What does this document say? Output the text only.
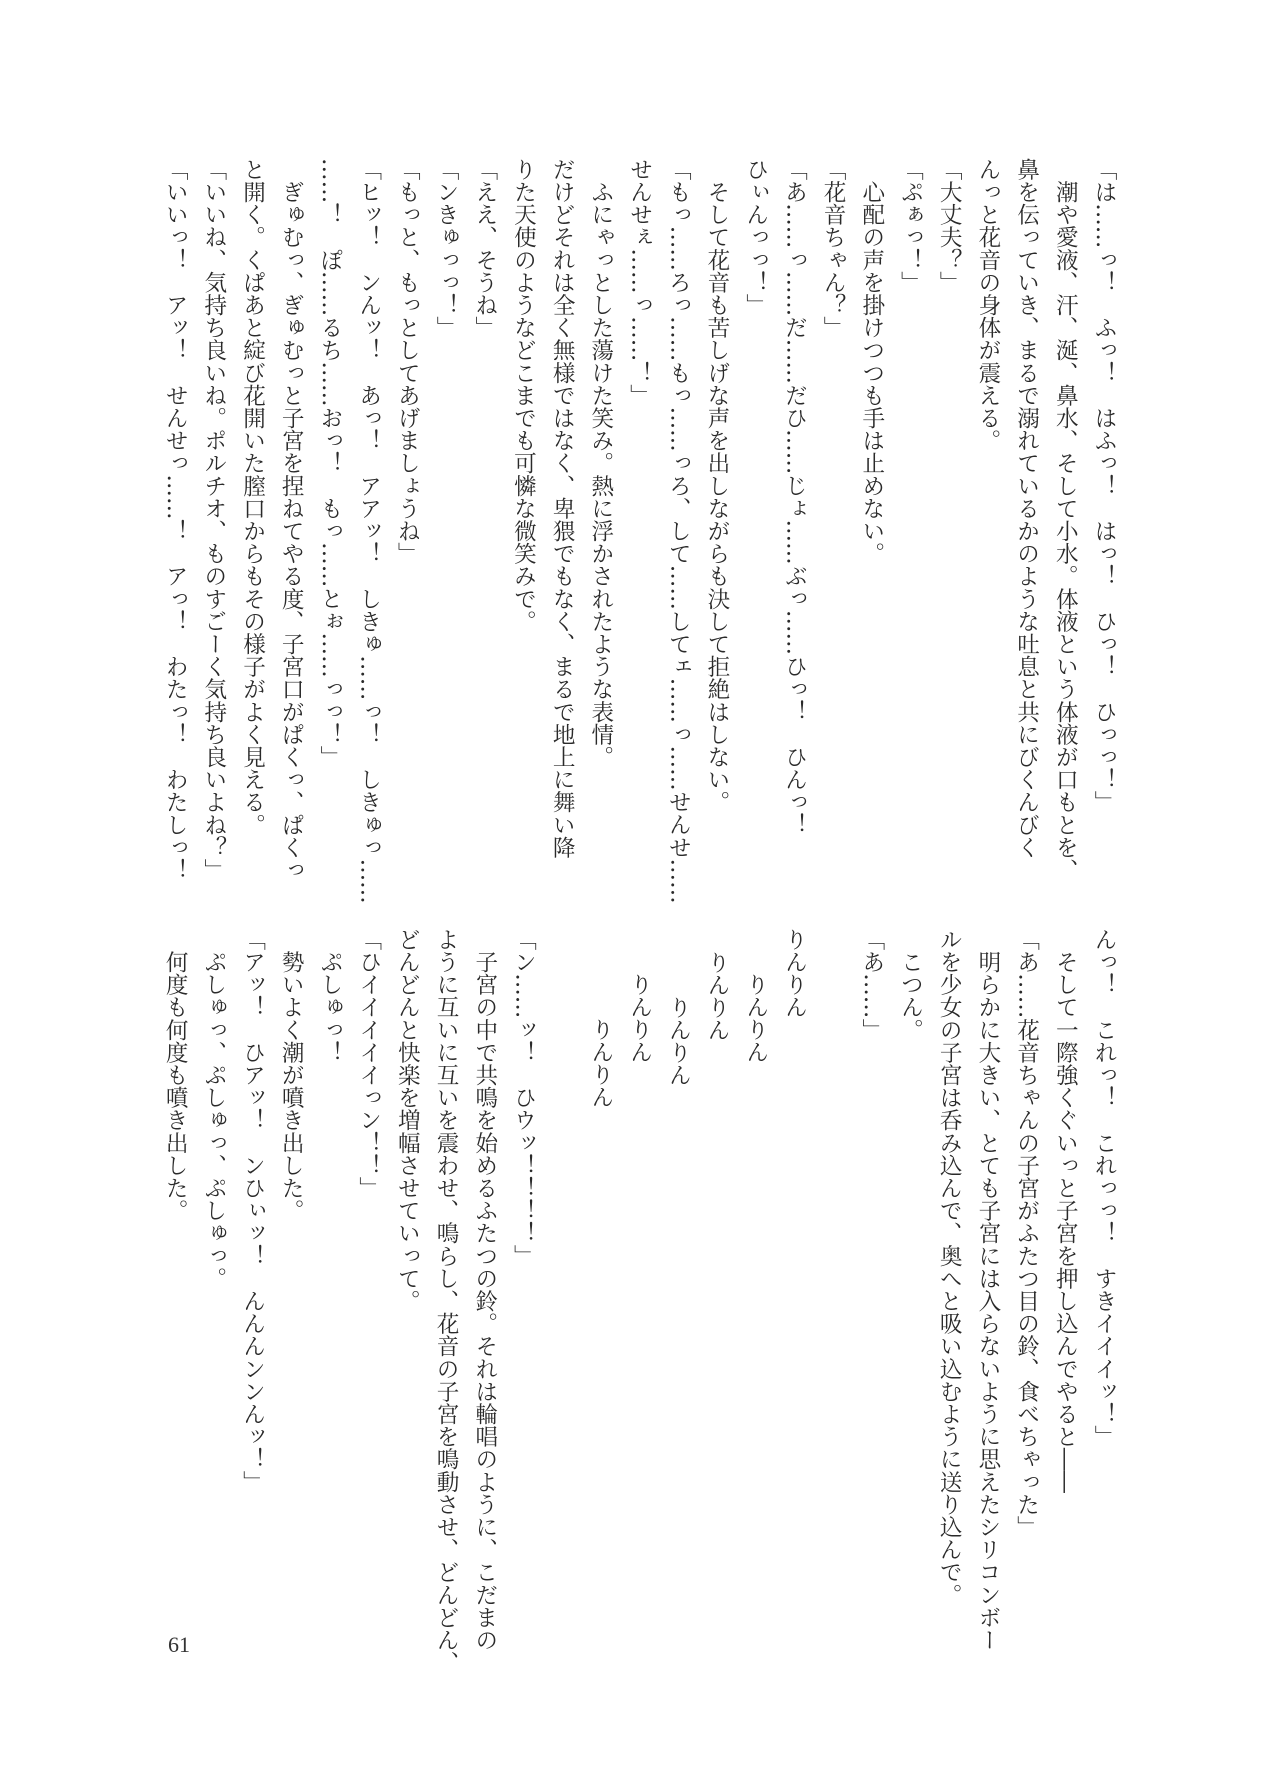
「は……っ！　ふっ！　はふっ！　はっ！　ひっ！　ひっっ！」
　潮や愛液、汗、涎、鼻水、そして小水。体液という体液が口もとを、
鼻を伝っていき、まるで溺れているかのような吐息と共にびくんびく
んっと花音の身体が震える。
「大丈夫？」
「ぷぁっ！」
　心配の声を掛けつつも手は止めない。
「花音ちゃん？」
「あ……っ……だ……だひ……じょ……ぶっ……ひっ！　ひんっ！
ひぃんっっ！」
　そして花音も苦しげな声を出しながらも決して拒絶はしない。
「もっ……ろっ……もっ……っろ、して……してェ……っ……せんせ……
せんせぇ……っ……！」
　ふにゃっとした蕩けた笑み。熱に浮かされたような表情。
だけどそれは全く無様ではなく、卑猥でもなく、まるで地上に舞い降
りた天使のようなどこまでも可憐な微笑みで。
「ええ、そうね」
「ンきゅっっ！」
「もっと、もっとしてあげましょうね」
「ヒッ！　ンんッ！　あっ！　アアッ！　しきゅ……っ！　しきゅっ……
……！　ぽ……るち……おっ！　もっ……とぉ……っっ！」
　ぎゅむっ、ぎゅむっと子宮を捏ねてやる度、子宮口がぱくっ、ぱくっ
と開く。くぱあと綻び花開いた膣口からもその様子がよく見える。
「いいね、気持ち良いね。ポルチオ、ものすごーく気持ち良いよね？」
「いいっ！　アッ！　せんせっ……！　アっ！　わたっ！　わたしっ！
んっ！　これっ！　これっっ！　すきイイイッ！」
　そして一際強くぐいっと子宮を押し込んでやると――
「あ……花音ちゃんの子宮がふたつ目の鈴、食べちゃった」
　明らかに大きい、とても子宮には入らないように思えたシリコンボー
ルを少女の子宮は呑み込んで、奥へと吸い込むように送り込んで。
　こつん。
「あ……」

りんりん
りんりん
りんりん
りんりん
りんりん
りんりん

「ン……ッ！　ひウッ！！！！」
　子宮の中で共鳴を始めるふたつの鈴。それは輪唱のように、こだまの
ように互いに互いを震わせ、鳴らし、花音の子宮を鳴動させ、どんどん、
どんどんと快楽を増幅させていって。
「ひイイイイイっン！！」
　ぷしゅっ！
　勢いよく潮が噴き出した。
「アッ！　ひアッ！　ンひぃッ！　んんんンンんッ！」
　ぷしゅっ、ぷしゅっ、ぷしゅっ。
　何度も何度も噴き出した。
61
